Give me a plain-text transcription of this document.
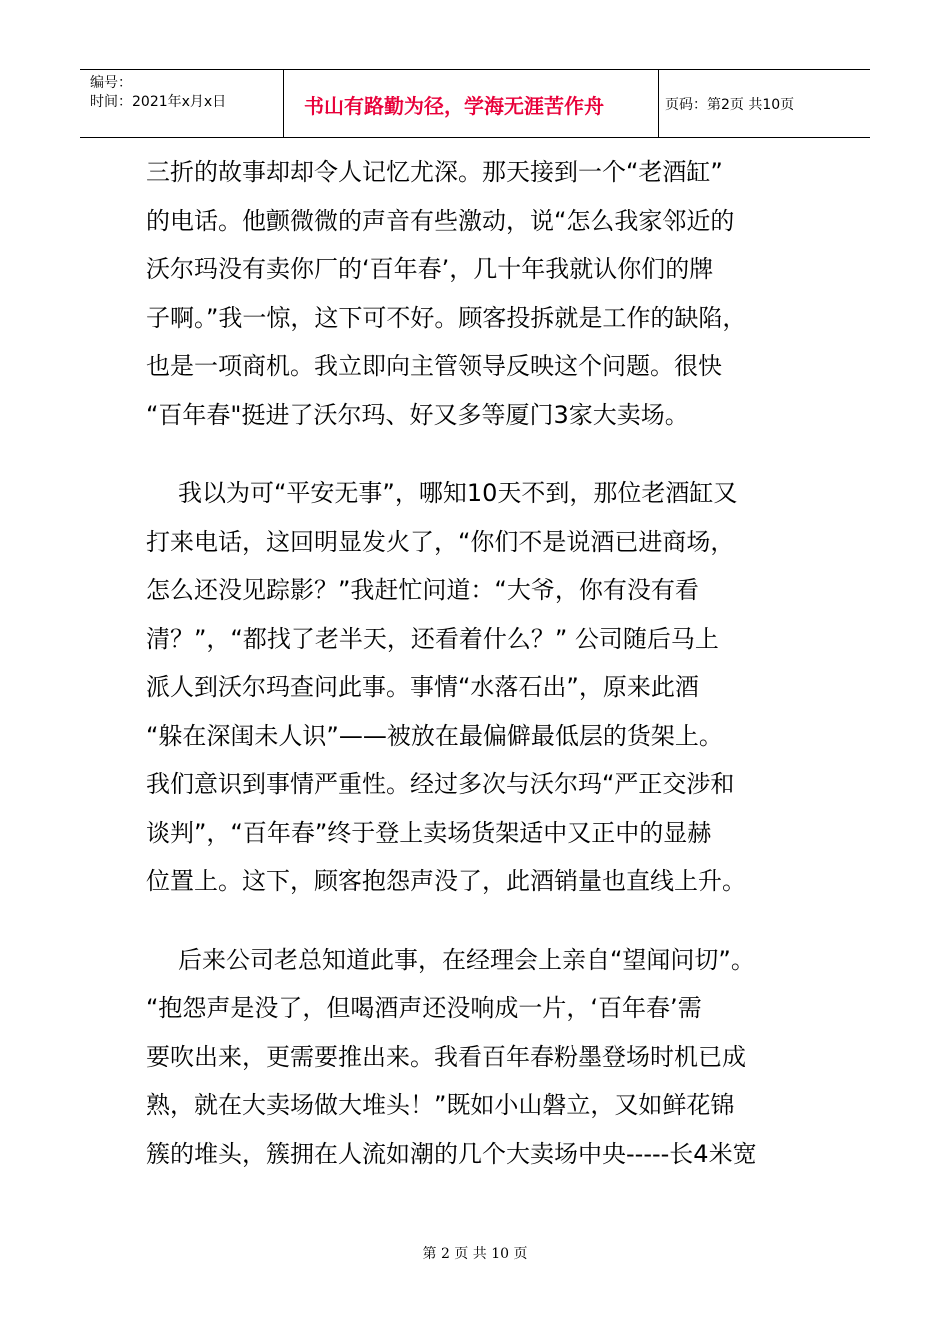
编号：
时间：2021年x月x日	书山有路勤为径，学海无涯苦作舟	页码：第2页 共10页
三折的故事却却令人记忆尤深。那天接到一个“老酒缸”
的电话。他颤微微的声音有些激动，说“怎么我家邻近的
沃尔玛没有卖你厂的‘百年春’，几十年我就认你们的牌
子啊。”我一惊，这下可不好。顾客投拆就是工作的缺陷，
也是一项商机。我立即向主管领导反映这个问题。很快
“百年春"挺进了沃尔玛、好又多等厦门3家大卖场。
我以为可“平安无事”，哪知10天不到，那位老酒缸又
打来电话，这回明显发火了，“你们不是说酒已进商场，
怎么还没见踪影？”我赶忙问道：“大爷，你有没有看
清？”，“都找了老半天，还看着什么？” 公司随后马上
派人到沃尔玛查问此事。事情“水落石出”，原来此酒
“躲在深闺未人识”——被放在最偏僻最低层的货架上。
我们意识到事情严重性。经过多次与沃尔玛“严正交涉和
谈判”，“百年春”终于登上卖场货架适中又正中的显赫
位置上。这下，顾客抱怨声没了，此酒销量也直线上升。
后来公司老总知道此事，在经理会上亲自“望闻问切”。
“抱怨声是没了，但喝酒声还没响成一片，‘百年春’需
要吹出来，更需要推出来。我看百年春粉墨登场时机已成
熟，就在大卖场做大堆头！”既如小山磐立，又如鲜花锦
簇的堆头，簇拥在人流如潮的几个大卖场中央-----长4米宽
第 2 页 共 10 页
